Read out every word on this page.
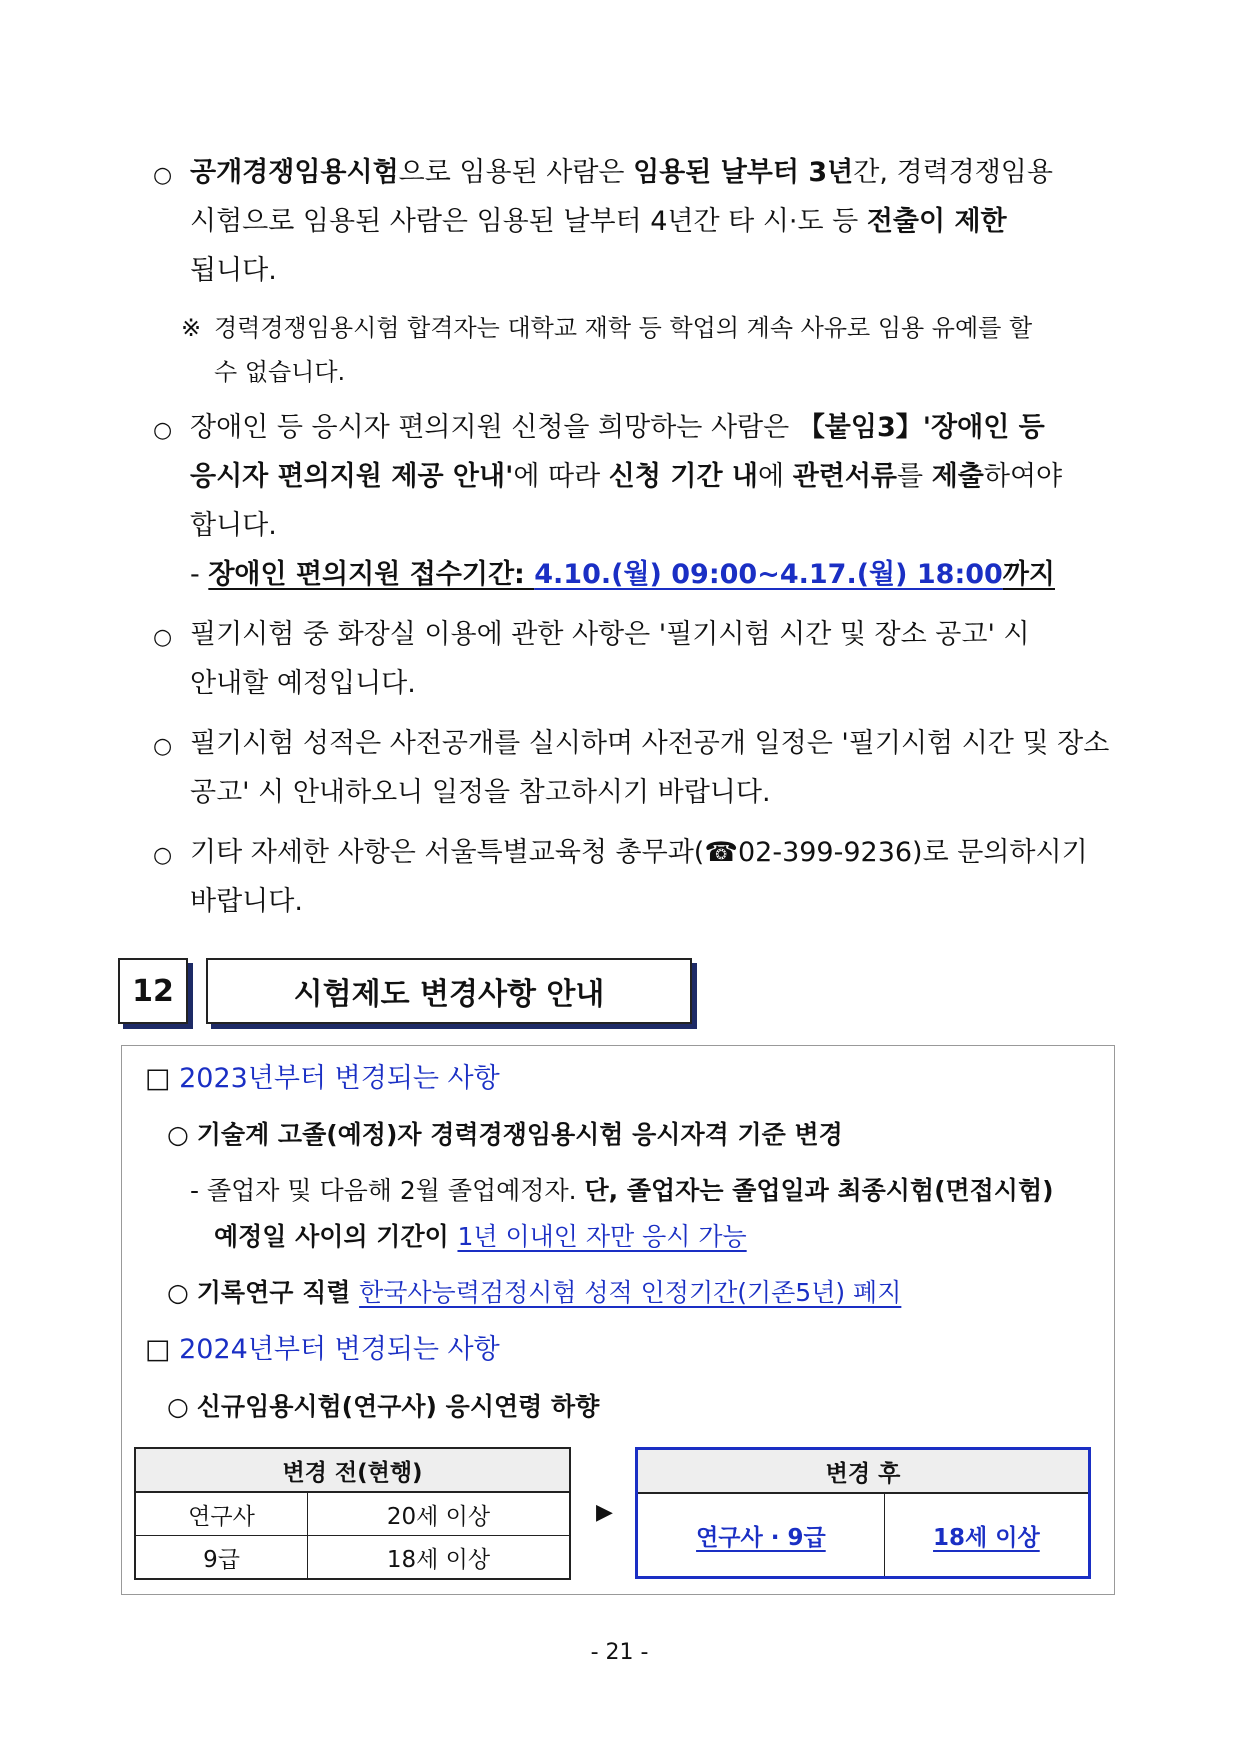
○ 공개경쟁임용시험으로 임용된 사람은 임용된 날부터 3년간, 경력경쟁임용
시험으로 임용된 사람은 임용된 날부터 4년간 타 시·도 등 전출이 제한
됩니다.
※ 경력경쟁임용시험 합격자는 대학교 재학 등 학업의 계속 사유로 임용 유예를 할
수 없습니다.
○ 장애인 등 응시자 편의지원 신청을 희망하는 사람은 【붙임3】'장애인 등
응시자 편의지원 제공 안내'에 따라 신청 기간 내에 관련서류를 제출하여야
합니다.
- 장애인 편의지원 접수기간: 4.10.(월) 09:00~4.17.(월) 18:00까지
○ 필기시험 중 화장실 이용에 관한 사항은 '필기시험 시간 및 장소 공고' 시
안내할 예정입니다.
○ 필기시험 성적은 사전공개를 실시하며 사전공개 일정은 '필기시험 시간 및 장소
공고' 시 안내하오니 일정을 참고하시기 바랍니다.
○ 기타 자세한 사항은 서울특별교육청 총무과(☎02-399-9236)로 문의하시기
바랍니다.
12	시험제도 변경사항 안내
□ 2023년부터 변경되는 사항
○ 기술계 고졸(예정)자 경력경쟁임용시험 응시자격 기준 변경
- 졸업자 및 다음해 2월 졸업예정자. 단, 졸업자는 졸업일과 최종시험(면접시험)
예정일 사이의 기간이 1년 이내인 자만 응시 가능
○ 기록연구 직렬 한국사능력검정시험 성적 인정기간(기존5년) 폐지
□ 2024년부터 변경되는 사항
○ 신규임용시험(연구사) 응시연령 하향
변경 전(현행)	
연구사	20세 이상
9급	18세 이상
▶
변경 후
연구사 · 9급	18세 이상
- 21 -
